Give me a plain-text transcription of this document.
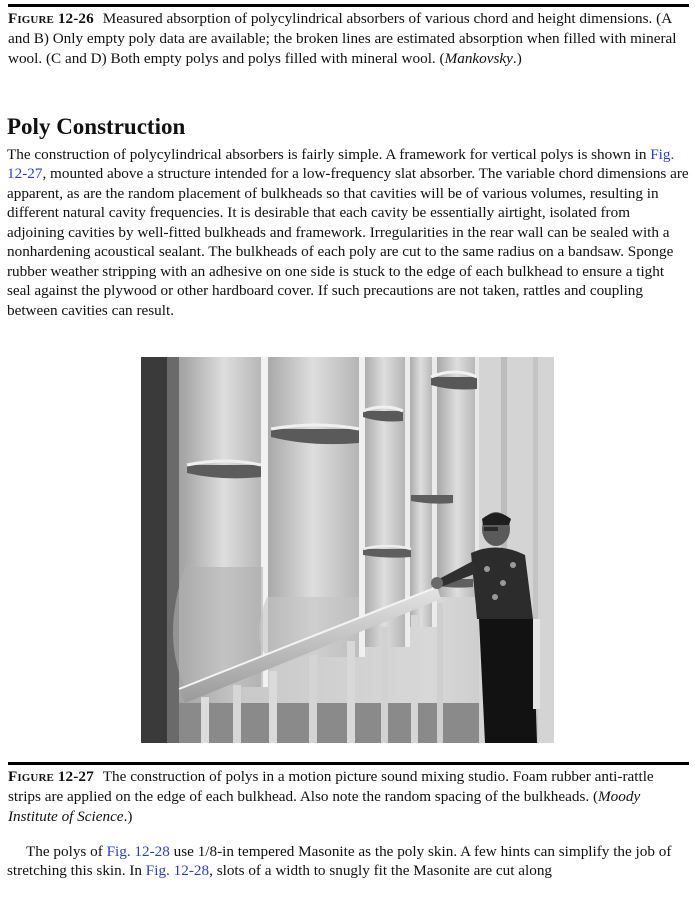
Figure 12-26 Measured absorption of polycylindrical absorbers of various chord and height dimensions. (A and B) Only empty poly data are available; the broken lines are estimated absorption when filled with mineral wool. (C and D) Both empty polys and polys filled with mineral wool. (Mankovsky.)
Poly Construction

The construction of polycylindrical absorbers is fairly simple. A framework for vertical polys is shown in Fig. 12-27, mounted above a structure intended for a low-frequency slat absorber. The variable chord dimensions are apparent, as are the random placement of bulkheads so that cavities will be of various volumes, resulting in different natural cavity frequencies. It is desirable that each cavity be essentially airtight, isolated from adjoining cavities by well-fitted bulkheads and framework. Irregularities in the rear wall can be sealed with a nonhardening acoustical sealant. The bulkheads of each poly are cut to the same radius on a bandsaw. Sponge rubber weather stripping with an adhesive on one side is stuck to the edge of each bulkhead to ensure a tight seal against the plywood or other hardboard cover. If such precautions are not taken, rattles and coupling between cavities can result.

Figure 12-27 The construction of polys in a motion picture sound mixing studio. Foam rubber anti-rattle strips are applied on the edge of each bulkhead. Also note the random spacing of the bulkheads. (Moody Institute of Science.)

The polys of Fig. 12-28 use 1/8-in tempered Masonite as the poly skin. A few hints can simplify the job of stretching this skin. In Fig. 12-28, slots of a width to snugly fit the Masonite are cut along
